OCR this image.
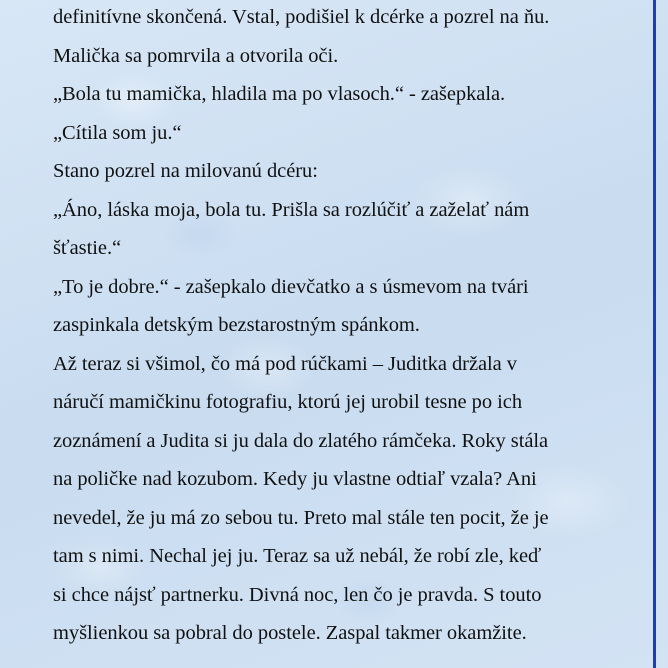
definitívne skončená. Vstal, podišiel k dcérke a pozrel na ňu.
Malička sa pomrvila a otvorila oči.
„Bola tu mamička, hladila ma po vlasoch.“ - zašepkala.
„Cítila som ju.“
Stano pozrel na milovanú dcéru:
„Áno, láska moja, bola tu. Prišla sa rozlúčiť a zaželať nám
šťastie.“
„To je dobre.“ - zašepkalo dievčatko a s úsmevom na tvári
zaspinkala detským bezstarostným spánkom.
Až teraz si všimol, čo má pod rúčkami – Juditka držala v
náručí mamičkinu fotografiu, ktorú jej urobil tesne po ich
zoznámení a Judita si ju dala do zlatého rámčeka. Roky stála
na poličke nad kozubom. Kedy ju vlastne odtiaľ vzala? Ani
nevedel, že ju má zo sebou tu. Preto mal stále ten pocit, že je
tam s nimi. Nechal jej ju. Teraz sa už nebál, že robí zle, keď
si chce nájsť partnerku. Divná noc, len čo je pravda. S touto
myšlienkou sa pobral do postele. Zaspal takmer okamžite.
